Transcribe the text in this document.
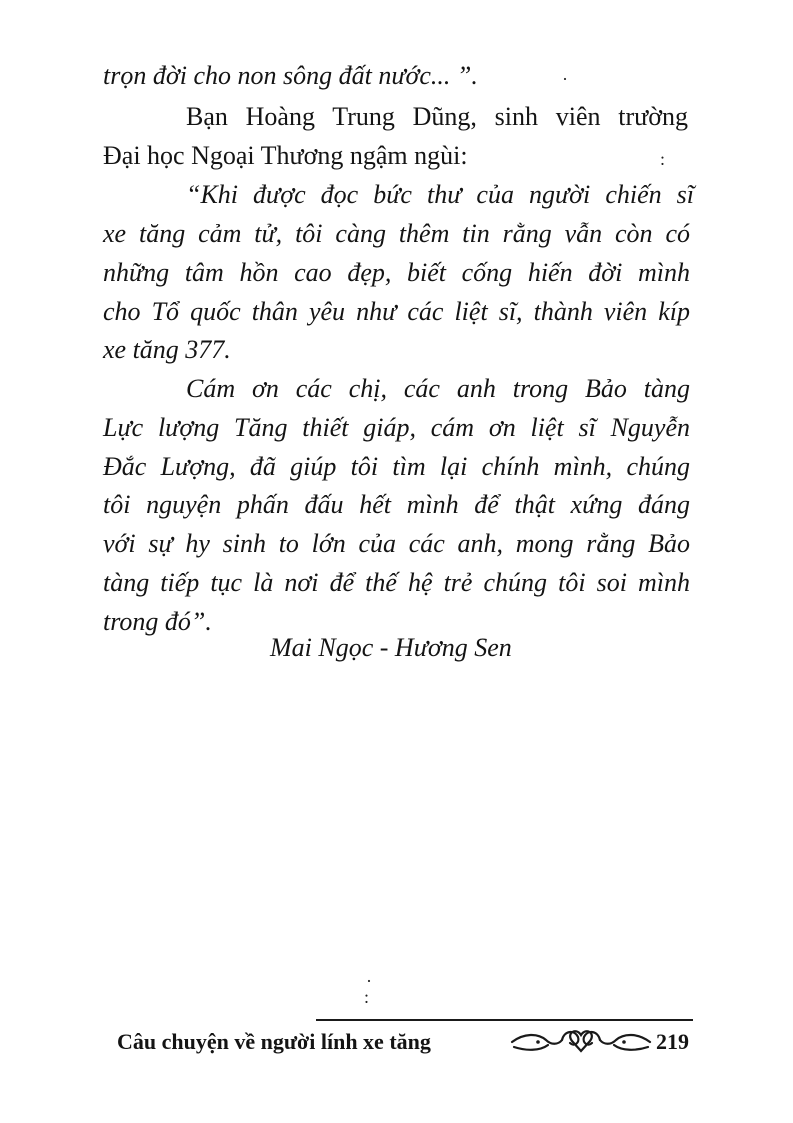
trọn đời cho non sông đất nước... ”.	·
Bạn Hoàng Trung Dũng, sinh viên trường
Đại học Ngoại Thương ngậm ngùi:	:
“Khi được đọc bức thư của người chiến sĩ
xe tăng cảm tử, tôi càng thêm tin rằng vẫn còn có
những tâm hồn cao đẹp, biết cống hiến đời mình
cho Tổ quốc thân yêu như các liệt sĩ, thành viên kíp
xe tăng 377.
Cám ơn các chị, các anh trong Bảo tàng
Lực lượng Tăng thiết giáp, cám ơn liệt sĩ Nguyễn
Đắc Lượng, đã giúp tôi tìm lại chính mình, chúng
tôi nguyện phấn đấu hết mình để thật xứng đáng
với sự hy sinh to lớn của các anh, mong rằng Bảo
tàng tiếp tục là nơi để thế hệ trẻ chúng tôi soi mình
trong đó”.
Mai Ngọc - Hương Sen
·
:
Câu chuyện về người lính xe tăng	219
